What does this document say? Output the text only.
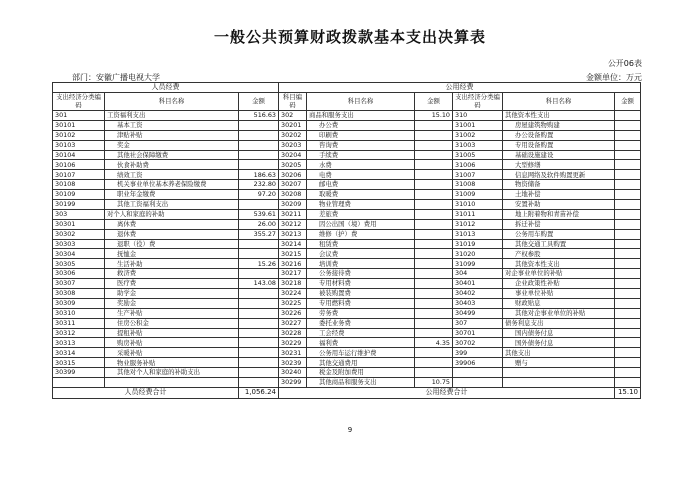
一般公共预算财政拨款基本支出决算表
公开06表
部门：安徽广播电视大学	金额单位：万元
人员经费			公用经费					
支出经济分类编码	科目名称	金额	科目编码	科目名称	金额	支出经济分类编码	科目名称	金额
301	工资福利支出	516.63	302	商品和服务支出	15.10	310	其他资本性支出	
30101	基本工资		30201	办公费		31001	房屋建筑物购建	
30102	津贴补贴		30202	印刷费		31002	办公设备购置	
30103	奖金		30203	咨询费		31003	专用设备购置	
30104	其他社会保障缴费		30204	手续费		31005	基础设施建设	
30106	伙食补助费		30205	水费		31006	大型修缮	
30107	绩效工资	186.63	30206	电费		31007	信息网络及软件购置更新	
30108	机关事业单位基本养老保险缴费	232.80	30207	邮电费		31008	物资储备	
30109	职业年金缴费	97.20	30208	取暖费		31009	土地补偿	
30199	其他工资福利支出		30209	物业管理费		31010	安置补助	
303	对个人和家庭的补助	539.61	30211	差旅费		31011	地上附着物和青苗补偿	
30301	离休费	26.00	30212	因公出国（境）费用		31012	拆迁补偿	
30302	退休费	355.27	30213	维修（护）费		31013	公务用车购置	
30303	退职（役）费		30214	租赁费		31019	其他交通工具购置	
30304	抚恤金		30215	会议费		31020	产权参股	
30305	生活补助	15.26	30216	培训费		31099	其他资本性支出	
30306	救济费		30217	公务接待费		304	对企事业单位的补贴	
30307	医疗费	143.08	30218	专用材料费		30401	企业政策性补贴	
30308	助学金		30224	被装购置费		30402	事业单位补贴	
30309	奖励金		30225	专用燃料费		30403	财政贴息	
30310	生产补贴		30226	劳务费		30499	其他对企事业单位的补贴	
30311	住房公积金		30227	委托业务费		307	债务利息支出	
30312	提租补贴		30228	工会经费		30701	国内债务付息	
30313	购房补贴		30229	福利费	4.35	30702	国外债务付息	
30314	采暖补贴		30231	公务用车运行维护费		399	其他支出	
30315	物业服务补贴		30239	其他交通费用		39906	赠与	
30399	其他对个人和家庭的补助支出		30240	税金及附加费用				
			30299	其他商品和服务支出	10.75			
人员经费合计		1,056.24	公用经费合计					15.10
9
